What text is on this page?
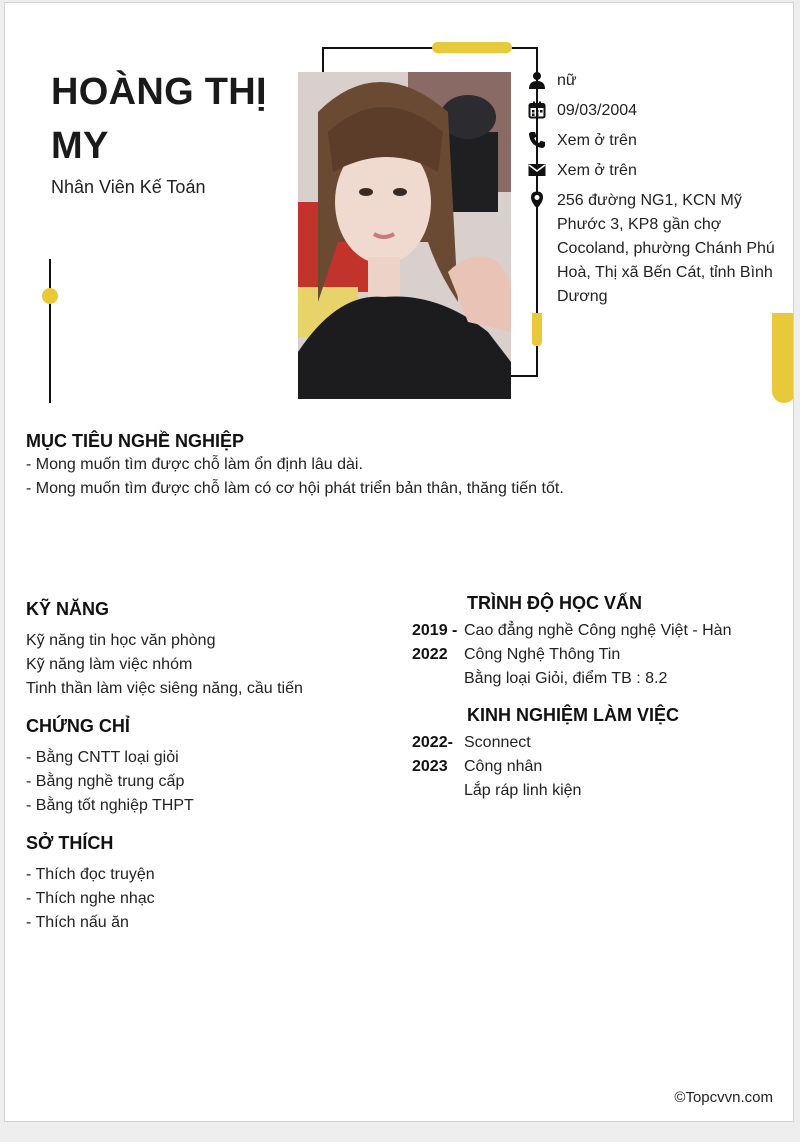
HOÀNG THỊ
MY
Nhân Viên Kế Toán
nữ
09/03/2004
Xem ở trên
Xem ở trên
256 đường NG1, KCN Mỹ Phước 3, KP8 gần chợ Cocoland, phường Chánh Phú Hoà, Thị xã Bến Cát, tỉnh Bình Dương
MỤC TIÊU NGHỀ NGHIỆP
- Mong muốn tìm được chỗ làm ổn định lâu dài.
- Mong muốn tìm được chỗ làm có cơ hội phát triển bản thân, thăng tiến tốt.
KỸ NĂNG
Kỹ năng tin học văn phòng
Kỹ năng làm việc nhóm
Tinh thần làm việc siêng năng, cầu tiến
CHỨNG CHỈ
- Bằng CNTT loại giỏi
- Bằng nghề trung cấp
- Bằng tốt nghiệp THPT
SỞ THÍCH
- Thích đọc truyện
- Thích nghe nhạc
- Thích nấu ăn
TRÌNH ĐỘ HỌC VẤN
2019 -
2022
Cao đẳng nghề Công nghệ Việt - Hàn
Công Nghệ Thông Tin
Bằng loại Giỏi, điểm TB : 8.2
KINH NGHIỆM LÀM VIỆC
2022-
2023
Sconnect
Công nhân
Lắp ráp linh kiện
©Topcvvn.com
